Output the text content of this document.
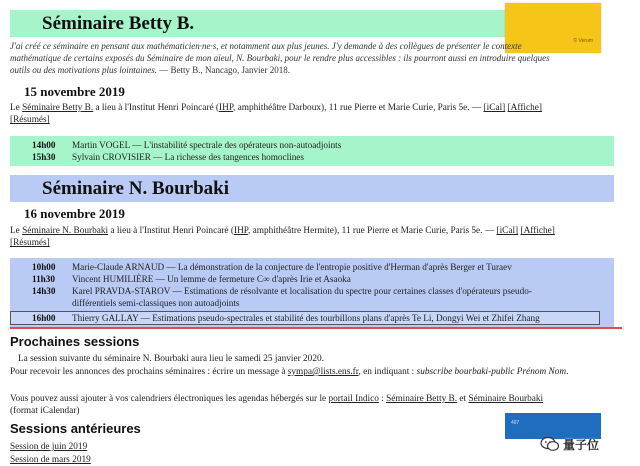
Séminaire Betty B.
© Verum
J'ai créé ce séminaire en pensant aux mathématicien·ne·s, et notamment aux plus jeunes. J'y demande à des collègues de présenter le contexte mathématique de certains exposés du Séminaire de mon aïeul, N. Bourbaki, pour le rendre plus accessibles : ils pourront aussi en introduire quelques outils ou des motivations plus lointaines. — Betty B., Nancago, Janvier 2018.
15 novembre 2019
Le Séminaire Betty B. a lieu à l'Institut Henri Poincaré (IHP, amphithéâtre Darboux), 11 rue Pierre et Marie Curie, Paris 5e. — [iCal] [Affiche]
[Résumés]
14h00 Martin VOGEL — L'instabilité spectrale des opérateurs non-autoadjoints
15h30 Sylvain CROVISIER — La richesse des tangences homoclines
Séminaire N. Bourbaki
16 novembre 2019
Le Séminaire N. Bourbaki a lieu à l'Institut Henri Poincaré (IHP, amphithéâtre Hermite), 11 rue Pierre et Marie Curie, Paris 5e. — [iCal] [Affiche]
[Résumés]
10h00 Marie-Claude ARNAUD — La démonstration de la conjecture de l'entropie positive d'Herman d'après Berger et Turaev
11h30 Vincent HUMILIÈRE — Un lemme de fermeture C∞ d'après Irie et Asaoka
14h30 Karel PRAVDA-STAROV — Estimations de résolvante et localisation du spectre pour certaines classes d'opérateurs pseudo-
différentiels semi-classiques non autoadjoints
16h00 Thierry GALLAY — Estimations pseudo-spectrales et stabilité des tourbillons plans d'après Te Li, Dongyi Wei et Zhifei Zhang
Prochaines sessions
La session suivante du séminaire N. Bourbaki aura lieu le samedi 25 janvier 2020.
Pour recevoir les annonces des prochains séminaires : écrire un message à sympa@lists.ens.fr, en indiquant : subscribe bourbaki-public Prénom Nom.
Vous pouvez aussi ajouter à vos calendriers électroniques les agendas hébergés sur le portail Indico : Séminaire Betty B. et Séminaire Bourbaki
(format iCalendar)
497
Sessions antérieures
Session de juin 2019
Session de mars 2019
量子位
